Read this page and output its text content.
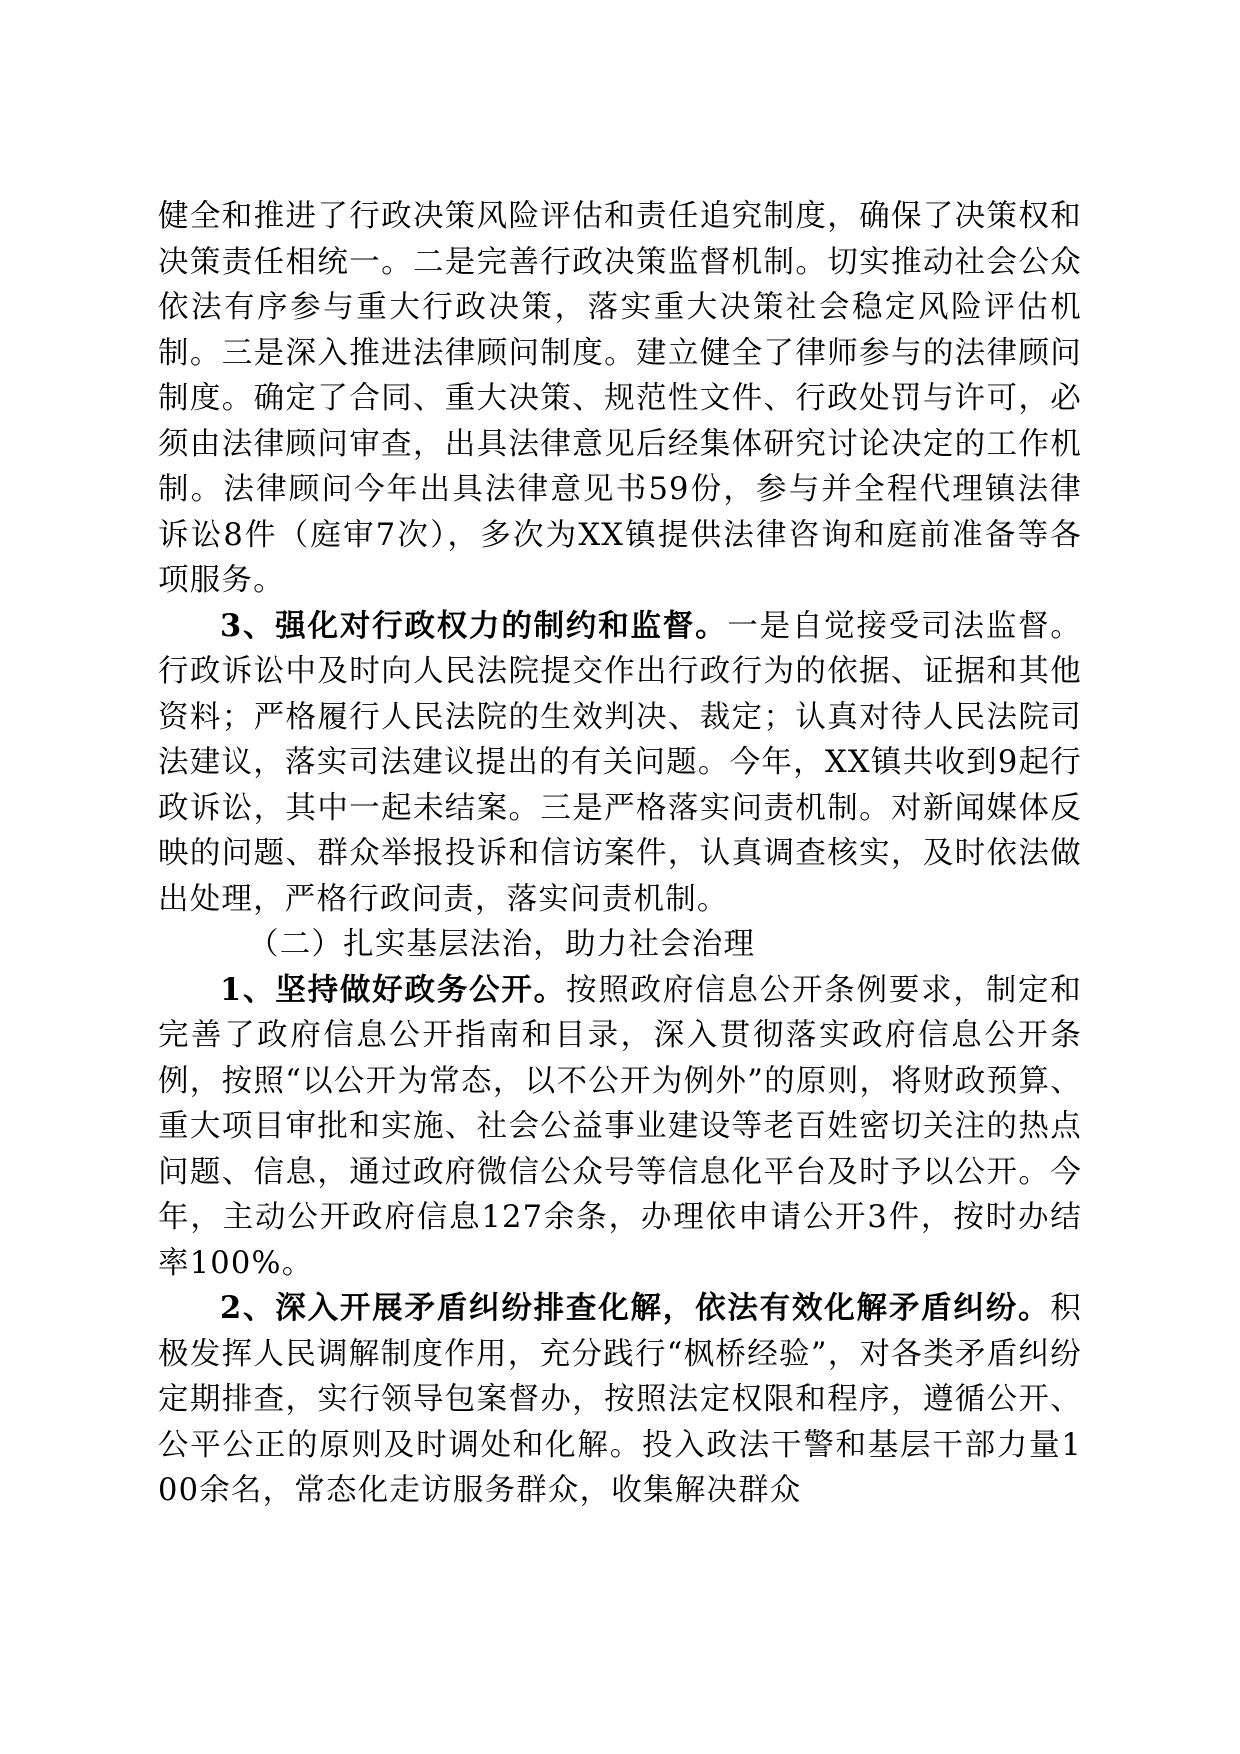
健全和推进了行政决策风险评估和责任追究制度，确保了决策权和决策责任相统一。二是完善行政决策监督机制。切实推动社会公众依法有序参与重大行政决策，落实重大决策社会稳定风险评估机制。三是深入推进法律顾问制度。建立健全了律师参与的法律顾问制度。确定了合同、重大决策、规范性文件、行政处罚与许可，必须由法律顾问审查，出具法律意见后经集体研究讨论决定的工作机制。法律顾问今年出具法律意见书59份，参与并全程代理镇法律诉讼8件（庭审7次），多次为XX镇提供法律咨询和庭前准备等各项服务。

3、强化对行政权力的制约和监督。一是自觉接受司法监督。行政诉讼中及时向人民法院提交作出行政行为的依据、证据和其他资料；严格履行人民法院的生效判决、裁定；认真对待人民法院司法建议，落实司法建议提出的有关问题。今年，XX镇共收到9起行政诉讼，其中一起未结案。三是严格落实问责机制。对新闻媒体反映的问题、群众举报投诉和信访案件，认真调查核实，及时依法做出处理，严格行政问责，落实问责机制。

（二）扎实基层法治，助力社会治理

1、坚持做好政务公开。按照政府信息公开条例要求，制定和完善了政府信息公开指南和目录，深入贯彻落实政府信息公开条例，按照“以公开为常态，以不公开为例外”的原则，将财政预算、重大项目审批和实施、社会公益事业建设等老百姓密切关注的热点问题、信息，通过政府微信公众号等信息化平台及时予以公开。今年，主动公开政府信息127余条，办理依申请公开3件，按时办结率100%。

2、深入开展矛盾纠纷排查化解，依法有效化解矛盾纠纷。积极发挥人民调解制度作用，充分践行“枫桥经验”，对各类矛盾纠纷定期排查，实行领导包案督办，按照法定权限和程序，遵循公开、公平公正的原则及时调处和化解。投入政法干警和基层干部力量100余名，常态化走访服务群众，收集解决群众
